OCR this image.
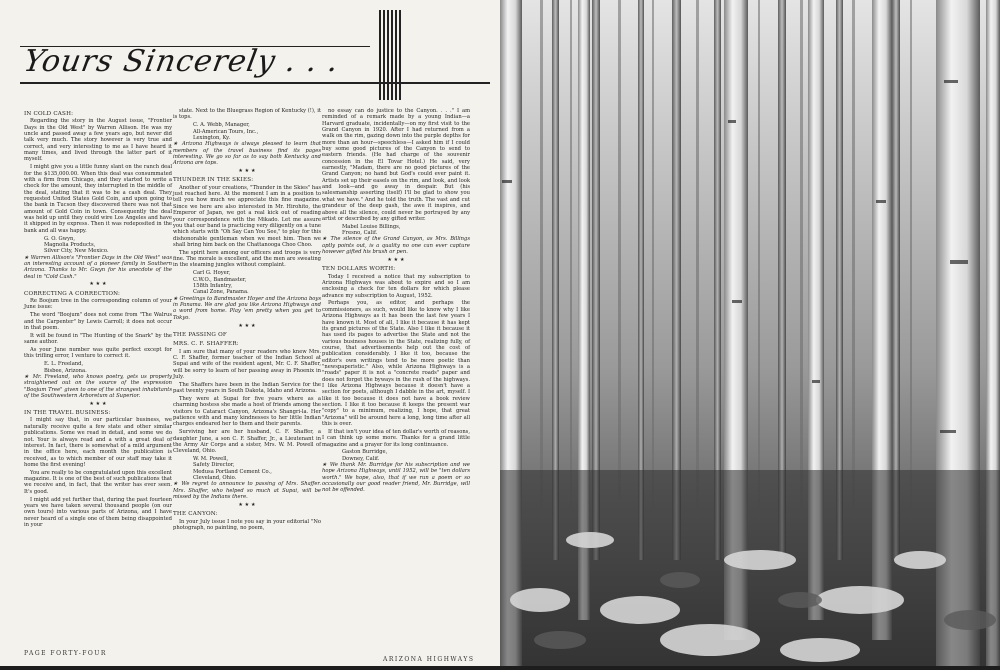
Yours Sincerely . . .
IN COLD CASH:

Regarding the story in the August issue, "Frontier Days in the Old West" by Warren Allison. He was my uncle and passed away a few years ago, but never did talk very much. The story however is very true and correct, and very interesting to me as I have heard it many times, and lived through the latter part of it myself.

I might give you a little funny slant on the ranch deal for the $135,000.00. When this deal was consummated with a firm from Chicago, and they started to write a check for the amount, they interrupted in the middle of the deal, stating that it was to be a cash deal. They requested United States Gold Coin, and upon going to the bank in Tucson they discovered there was not that amount of Gold Coin in town. Consequently the deal was held up until they could wire Los Angeles and have it shipped in by express. Then it was redeposited in the bank and all was happy.

G. O. Gwyn,

Magnolia Products,

Silver City, New Mexico.

★ Warren Allison's "Frontier Days in the Old West" was an interesting account of a pioneer family in Southern Arizona. Thanks to Mr. Gwyn for his anecdote of the deal in "Cold Cash."

★ ★ ★
CORRECTING A CORRECTION:

Re Boojum tree in the corresponding column of your June issue:

The word "Boojum" does not come from "The Walrus and the Carpenter" by Lewis Carroll; it does not occur in that poem.

It will be found in "The Hunting of the Snark" by the same author.

As your June number was quite perfect except for this trifling error, I venture to correct it.

E. L. Freeland,

Bisbee, Arizona.

★ Mr. Freeland, who knows poetry, gets us properly straightened out on the source of the expression "Boojum Tree" given to one of the strangest inhabitants of the Southwestern Arboretum at Superior.

★ ★ ★
IN THE TRAVEL BUSINESS:

I might say that, in our particular business, we naturally receive quite a few state and other similar publications. Some we read in detail, and some we do not. Your is always read and a with a great deal of interest. In fact, there is somewhat of a mild argument in the office here, each month the publication is received, as to which member of our staff may take it home the first evening!

You are really to be congratulated upon this excellent magazine. It is one of the best of such publications that we receive and, in fact, that the writer has ever seen. It's good.

I might add yet further that, during the past fourteen years we have taken several thousand people (on our own tours) into various parts of Arizona, and I have never heard of a single one of them being disappointed in your

state. Next to the Bluegrass Region of Kentucky (!), it is tops.

C. A. Webb, Manager,

All-American Tours, Inc.,

Lexington, Ky.

★ Arizona Highways is always pleased to learn that members of the travel business find its pages interesting. We go so far as to say both Kentucky and Arizona are tops.

★ ★ ★
THUNDER IN THE SKIES:

Another of your creations, "Thunder in the Skies" has just reached here. At the moment I am in a position to tell you how much we appreciate this fine magazine. Since we here are also interested in Mr. Hirohito, the Emperor of Japan, we got a real kick out of reading your correspondence with the Mikado. Let me assure you that our band is practicing very diligently on a tune which starts with "Oh Say Can You See," to play for this dishonorable gentleman when we meet him. Then we shall bring him back on the Chattanooga Choo Choo.

The spirit here among our officers and troops is very fine. The morale is excellent, and the men are sweating in the steaming jungles without complaint.

Carl G. Hoyer,

C.W.O., Bandmaster,

158th Infantry,

Canal Zone, Panama.

★ Greetings to Bandmaster Hoyer and the Arizona boys in Panama. We are glad you like Arizona Highways and a word from home. Play 'em pretty when you get to Tokyo.

★ ★ ★
THE PASSING OF
MRS. C. F. SHAFFER:

I am sure that many of your readers who knew Mrs. C. F. Shaffer, former teacher of the Indian School at Supai and wife of the resident agent, Mr. C. F. Shaffer, will be sorry to learn of her passing away in Phoenix in July.

The Shaffers have been in the Indian Service for the past twenty years in South Dakota, Idaho and Arizona.

They were at Supai for five years where as a charming hostess she made a host of friends among the visitors to Cataract Canyon, Arizona's Shangri-la. Her patience with and many kindnesses to her little Indian charges endeared her to them and their parents.

Surviving her are her husband, C. F. Shaffer, a daughter June, a son C. F. Shaffer, Jr., a Lieutenant in the Army Air Corps and a sister, Mrs. W. M. Powell of Cleveland, Ohio.

W. M. Powell,

Safety Director,

Medusa Portland Cement Co.,

Cleveland, Ohio.

★ We regret to announce to passing of Mrs. Shaffer. Mrs. Shaffer, who helped so much at Supai, will be missed by the Indians there.

★ ★ ★
THE CANYON:

In your July issue I note you say in your editorial "No photograph, no painting, no poem,

no essay can do justice to the Canyon. . . ." I am reminded of a remark made by a young Indian—a Harvard graduate, incidentally—on my first visit to the Grand Canyon in 1920. After I had returned from a walk on the rim, gazing down into the purple depths for more than an hour—speechless—I asked him if I could buy some good pictures of the Canyon to send to eastern friends. (He had charge of the souvenir concession in the El Tovar Hotel.) He said, very earnestly, "Madam, there are no good pictures of the Grand Canyon; no hand but God's could ever paint it. Artists set up their easels on the rim, and look, and look and look—and go away in despair. But (his salesmanship asserting itself) I'll be glad to show you what we have." And he told the truth. The vast and cut grandeur of the deep gash, the awe it inspires, and above all the silence, could never be portrayed by any artist or described by any gifted writer.

Mabel Louise Billings,

Fresno, Calif.

★ The silence of the Grand Canyon, as Mrs. Billings aptly points out, is a quality no one can ever capture however gifted his brush or pen.

★ ★ ★
TEN DOLLARS WORTH:

Today I received a notice that my subscription to Arizona Highways was about to expire and so I am enclosing a check for ten dollars for which please advance my subscription to August, 1952.

Perhaps you, as editor, and perhaps the commissioners, as such, would like to know why I like Arizona Highways as it has been the last few years I have known it. Most of all, I like it because it has kept its grand pictures of the State. Also I like it because it has used its pages to advertise the State and not the various business houses in the State, realizing fully, of course, that advertisements help out the cost of publication considerably. I like it too, because the editor's own writings tend to be more poetic than "newspaperistic." Also, while Arizona Highways is a "roads" paper it is not a "concrete roads" paper and does not forget the byways in the rush of the highways. I like Arizona Highways because it doesn't have a section for poets, although I dabble in the art, myself. I like it too because it does not have a book review section. I like it too because it keeps the present war "copy" to a minimum, realizing, I hope, that great "Arizona" will be around here a long, long time after all this is over.

If that isn't your idea of ten dollar's worth of reasons, I can think up some more. Thanks for a grand little magazine and a prayer for its long continuance.

Gaston Burridge,

Downey, Calif.

★ We thank Mr. Burridge for his subscription and we hope Arizona Highways, until 1952, will be "ten dollars worth." We hope, also, that if we run a poem or so occasionally our good reader friend, Mr. Burridge, will not be offended.

PAGE FORTY-FOUR
ARIZONA HIGHWAYS
